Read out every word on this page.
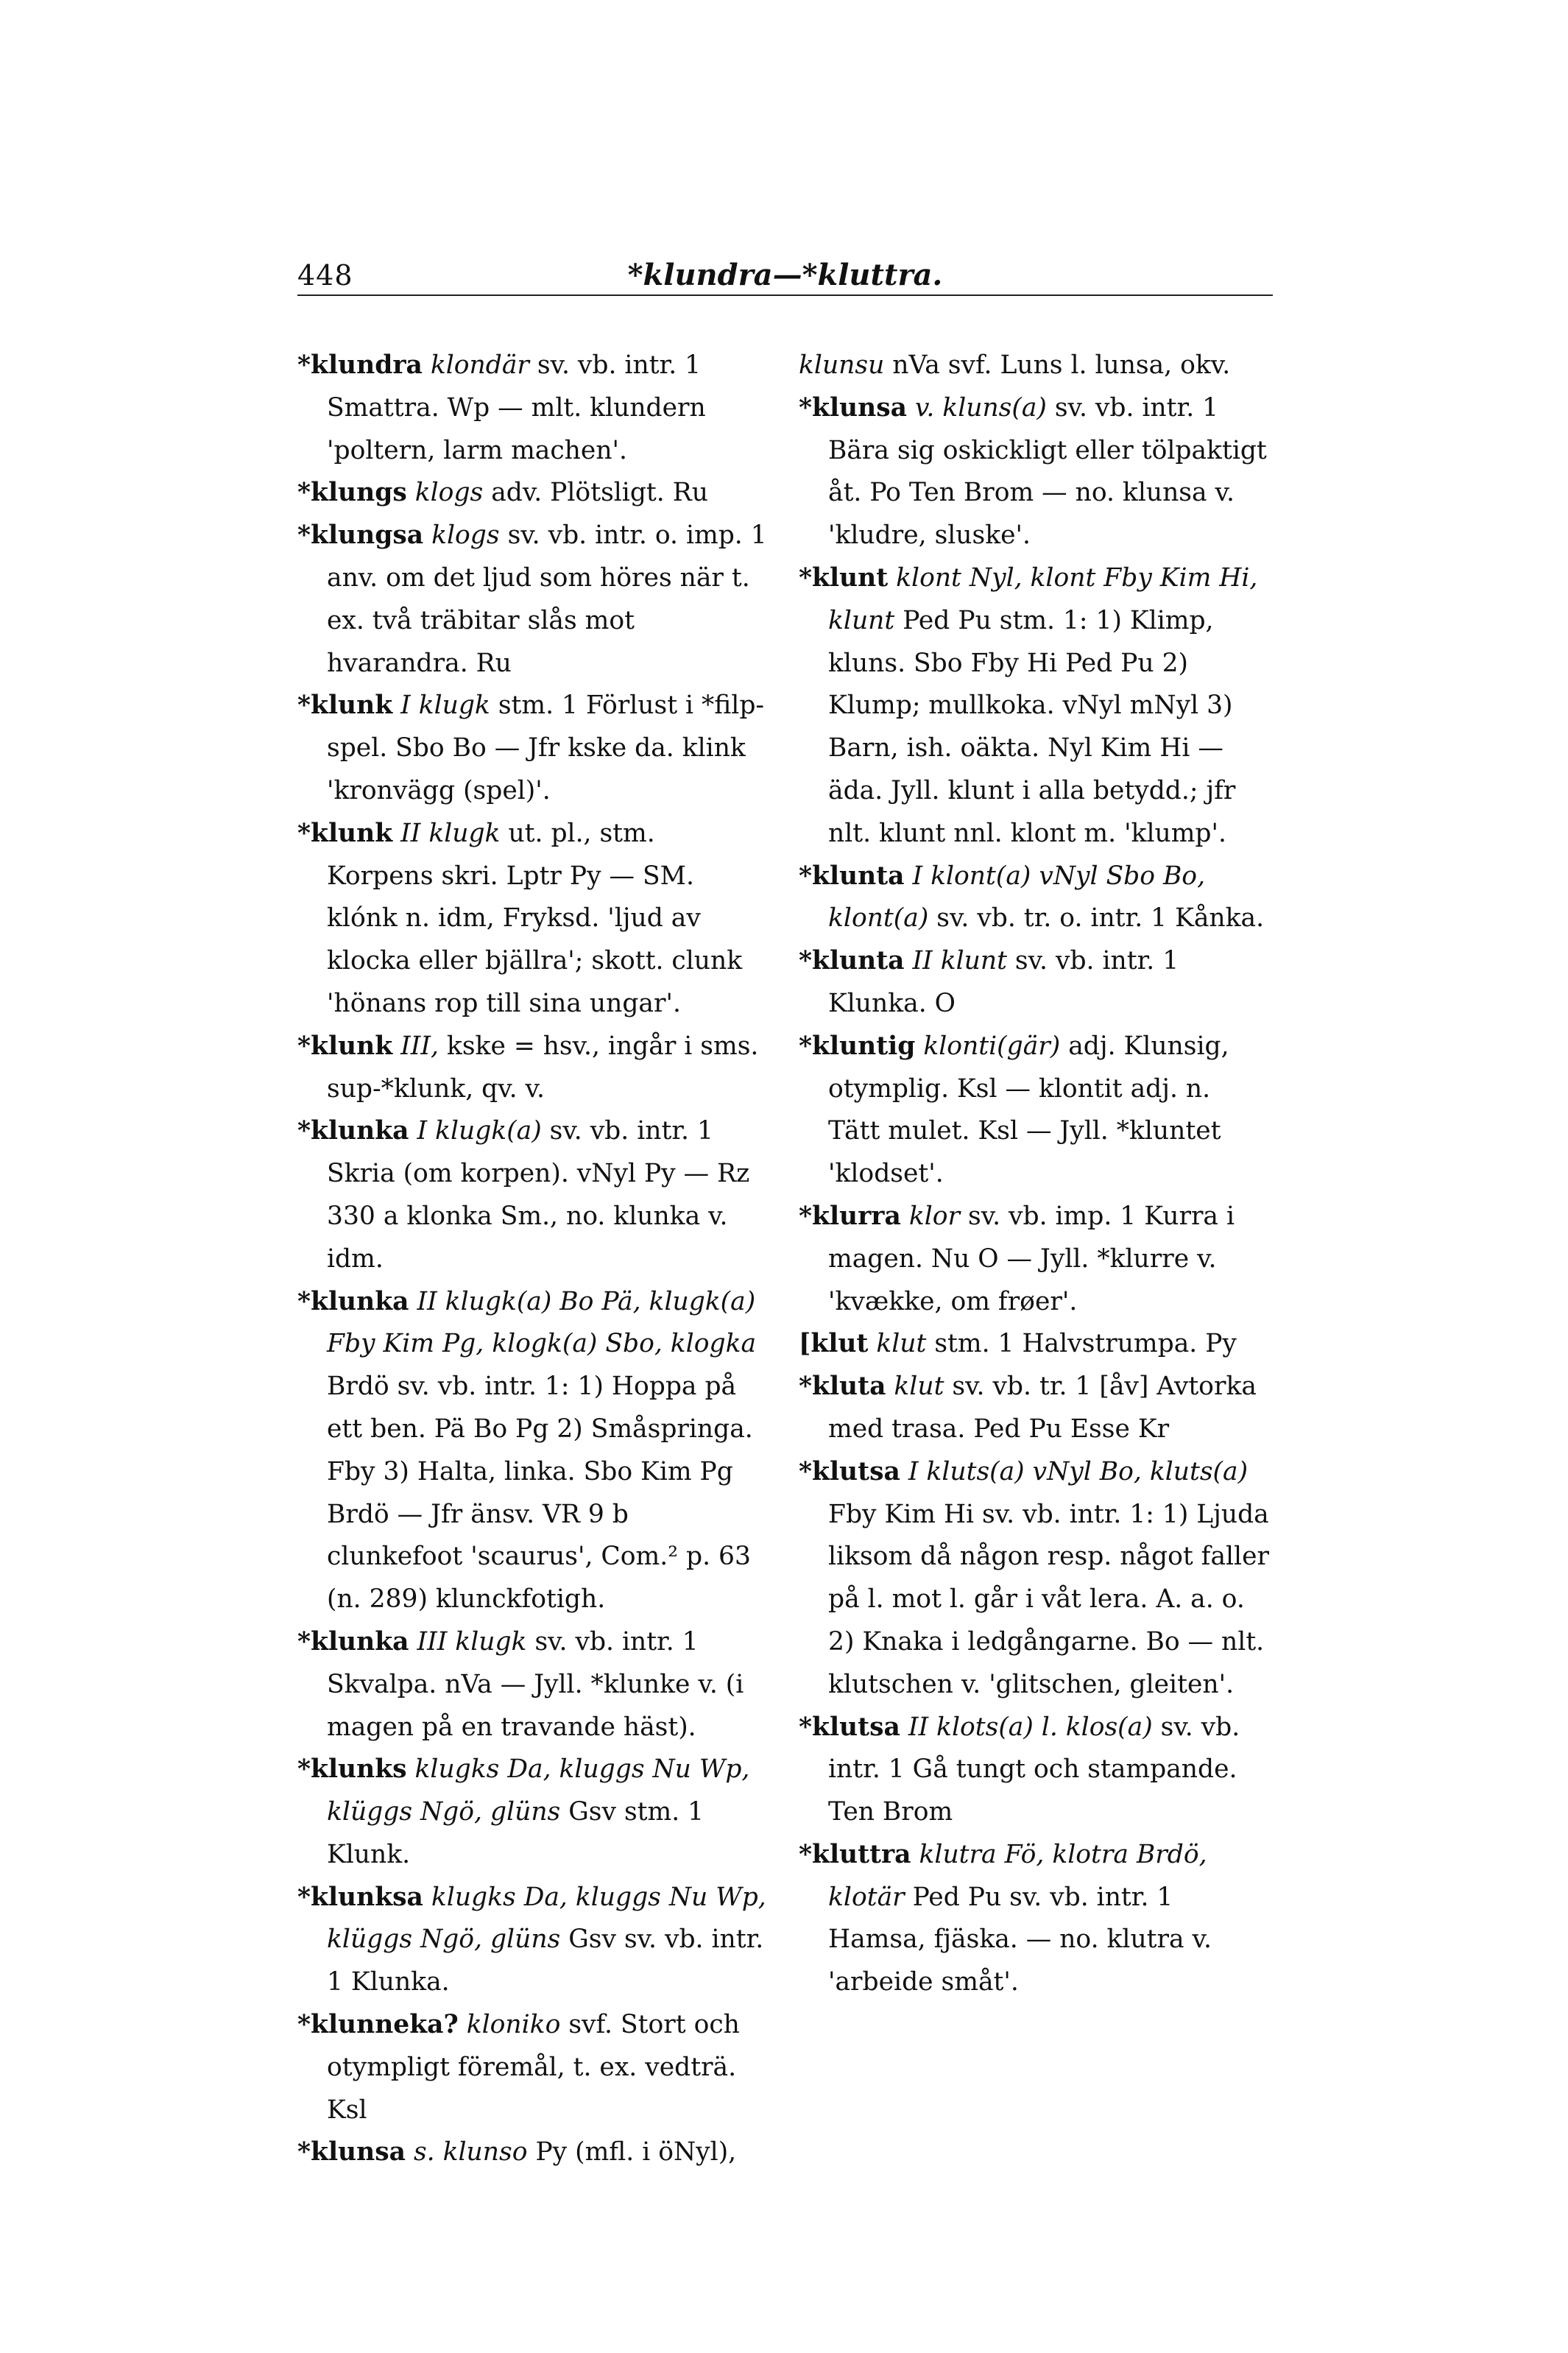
448	*klundra—*kluttra.

*klundra klondär sv. vb. intr. 1 Smattra. Wp — mlt. klundern 'poltern, larm machen'.

*klungs klogs adv. Plötsligt. Ru

*klungsa klogs sv. vb. intr. o. imp. 1 anv. om det ljud som höres när t. ex. två träbitar slås mot hvarandra. Ru

*klunk I klugk stm. 1 Förlust i *filp-spel. Sbo Bo — Jfr kske da. klink 'kronvägg (spel)'.

*klunk II klugk ut. pl., stm. Korpens skri. Lptr Py — SM. klónk n. idm, Fryksd. 'ljud av klocka eller bjällra'; skott. clunk 'hönans rop till sina ungar'.

*klunk III, kske = hsv., ingår i sms. sup-*klunk, qv. v.

*klunka I klugk(a) sv. vb. intr. 1 Skria (om korpen). vNyl Py — Rz 330 a klonka Sm., no. klunka v. idm.

*klunka II klugk(a) Bo Pä, klugk(a) Fby Kim Pg, klogk(a) Sbo, klogka Brdö sv. vb. intr. 1: 1) Hoppa på ett ben. Pä Bo Pg 2) Småspringa. Fby 3) Halta, linka. Sbo Kim Pg Brdö — Jfr änsv. VR 9 b clunkefoot 'scaurus', Com.² p. 63 (n. 289) klunckfotigh.

*klunka III klugk sv. vb. intr. 1 Skvalpa. nVa — Jyll. *klunke v. (i magen på en travande häst).

*klunks klugks Da, kluggs Nu Wp, klüggs Ngö, glüns Gsv stm. 1 Klunk.

*klunksa klugks Da, kluggs Nu Wp, klüggs Ngö, glüns Gsv sv. vb. intr. 1 Klunka.

*klunneka? kloniko svf. Stort och otympligt föremål, t. ex. vedträ. Ksl

*klunsa s. klunso Py (mfl. i öNyl),

klunsu nVa svf. Luns l. lunsa, okv.

*klunsa v. kluns(a) sv. vb. intr. 1 Bära sig oskickligt eller tölpaktigt åt. Po Ten Brom — no. klunsa v. 'kludre, sluske'.

*klunt klont Nyl, klont Fby Kim Hi, klunt Ped Pu stm. 1: 1) Klimp, kluns. Sbo Fby Hi Ped Pu 2) Klump; mullkoka. vNyl mNyl 3) Barn, ish. oäkta. Nyl Kim Hi — äda. Jyll. klunt i alla betydd.; jfr nlt. klunt nnl. klont m. 'klump'.

*klunta I klont(a) vNyl Sbo Bo, klont(a) sv. vb. tr. o. intr. 1 Kånka.

*klunta II klunt sv. vb. intr. 1 Klunka. O

*kluntig klonti(gär) adj. Klunsig, otymplig. Ksl — klontit adj. n. Tätt mulet. Ksl — Jyll. *kluntet 'klodset'.

*klurra klor sv. vb. imp. 1 Kurra i magen. Nu O — Jyll. *klurre v. 'kvække, om frøer'.

[klut klut stm. 1 Halvstrumpa. Py

*kluta klut sv. vb. tr. 1 [åv] Avtorka med trasa. Ped Pu Esse Kr

*klutsa I kluts(a) vNyl Bo, kluts(a) Fby Kim Hi sv. vb. intr. 1: 1) Ljuda liksom då någon resp. något faller på l. mot l. går i våt lera. A. a. o. 2) Knaka i ledgångarne. Bo — nlt. klutschen v. 'glitschen, gleiten'.

*klutsa II klots(a) l. klos(a) sv. vb. intr. 1 Gå tungt och stampande. Ten Brom

*kluttra klutra Fö, klotra Brdö, klotär Ped Pu sv. vb. intr. 1 Hamsa, fjäska. — no. klutra v. 'arbeide småt'.
